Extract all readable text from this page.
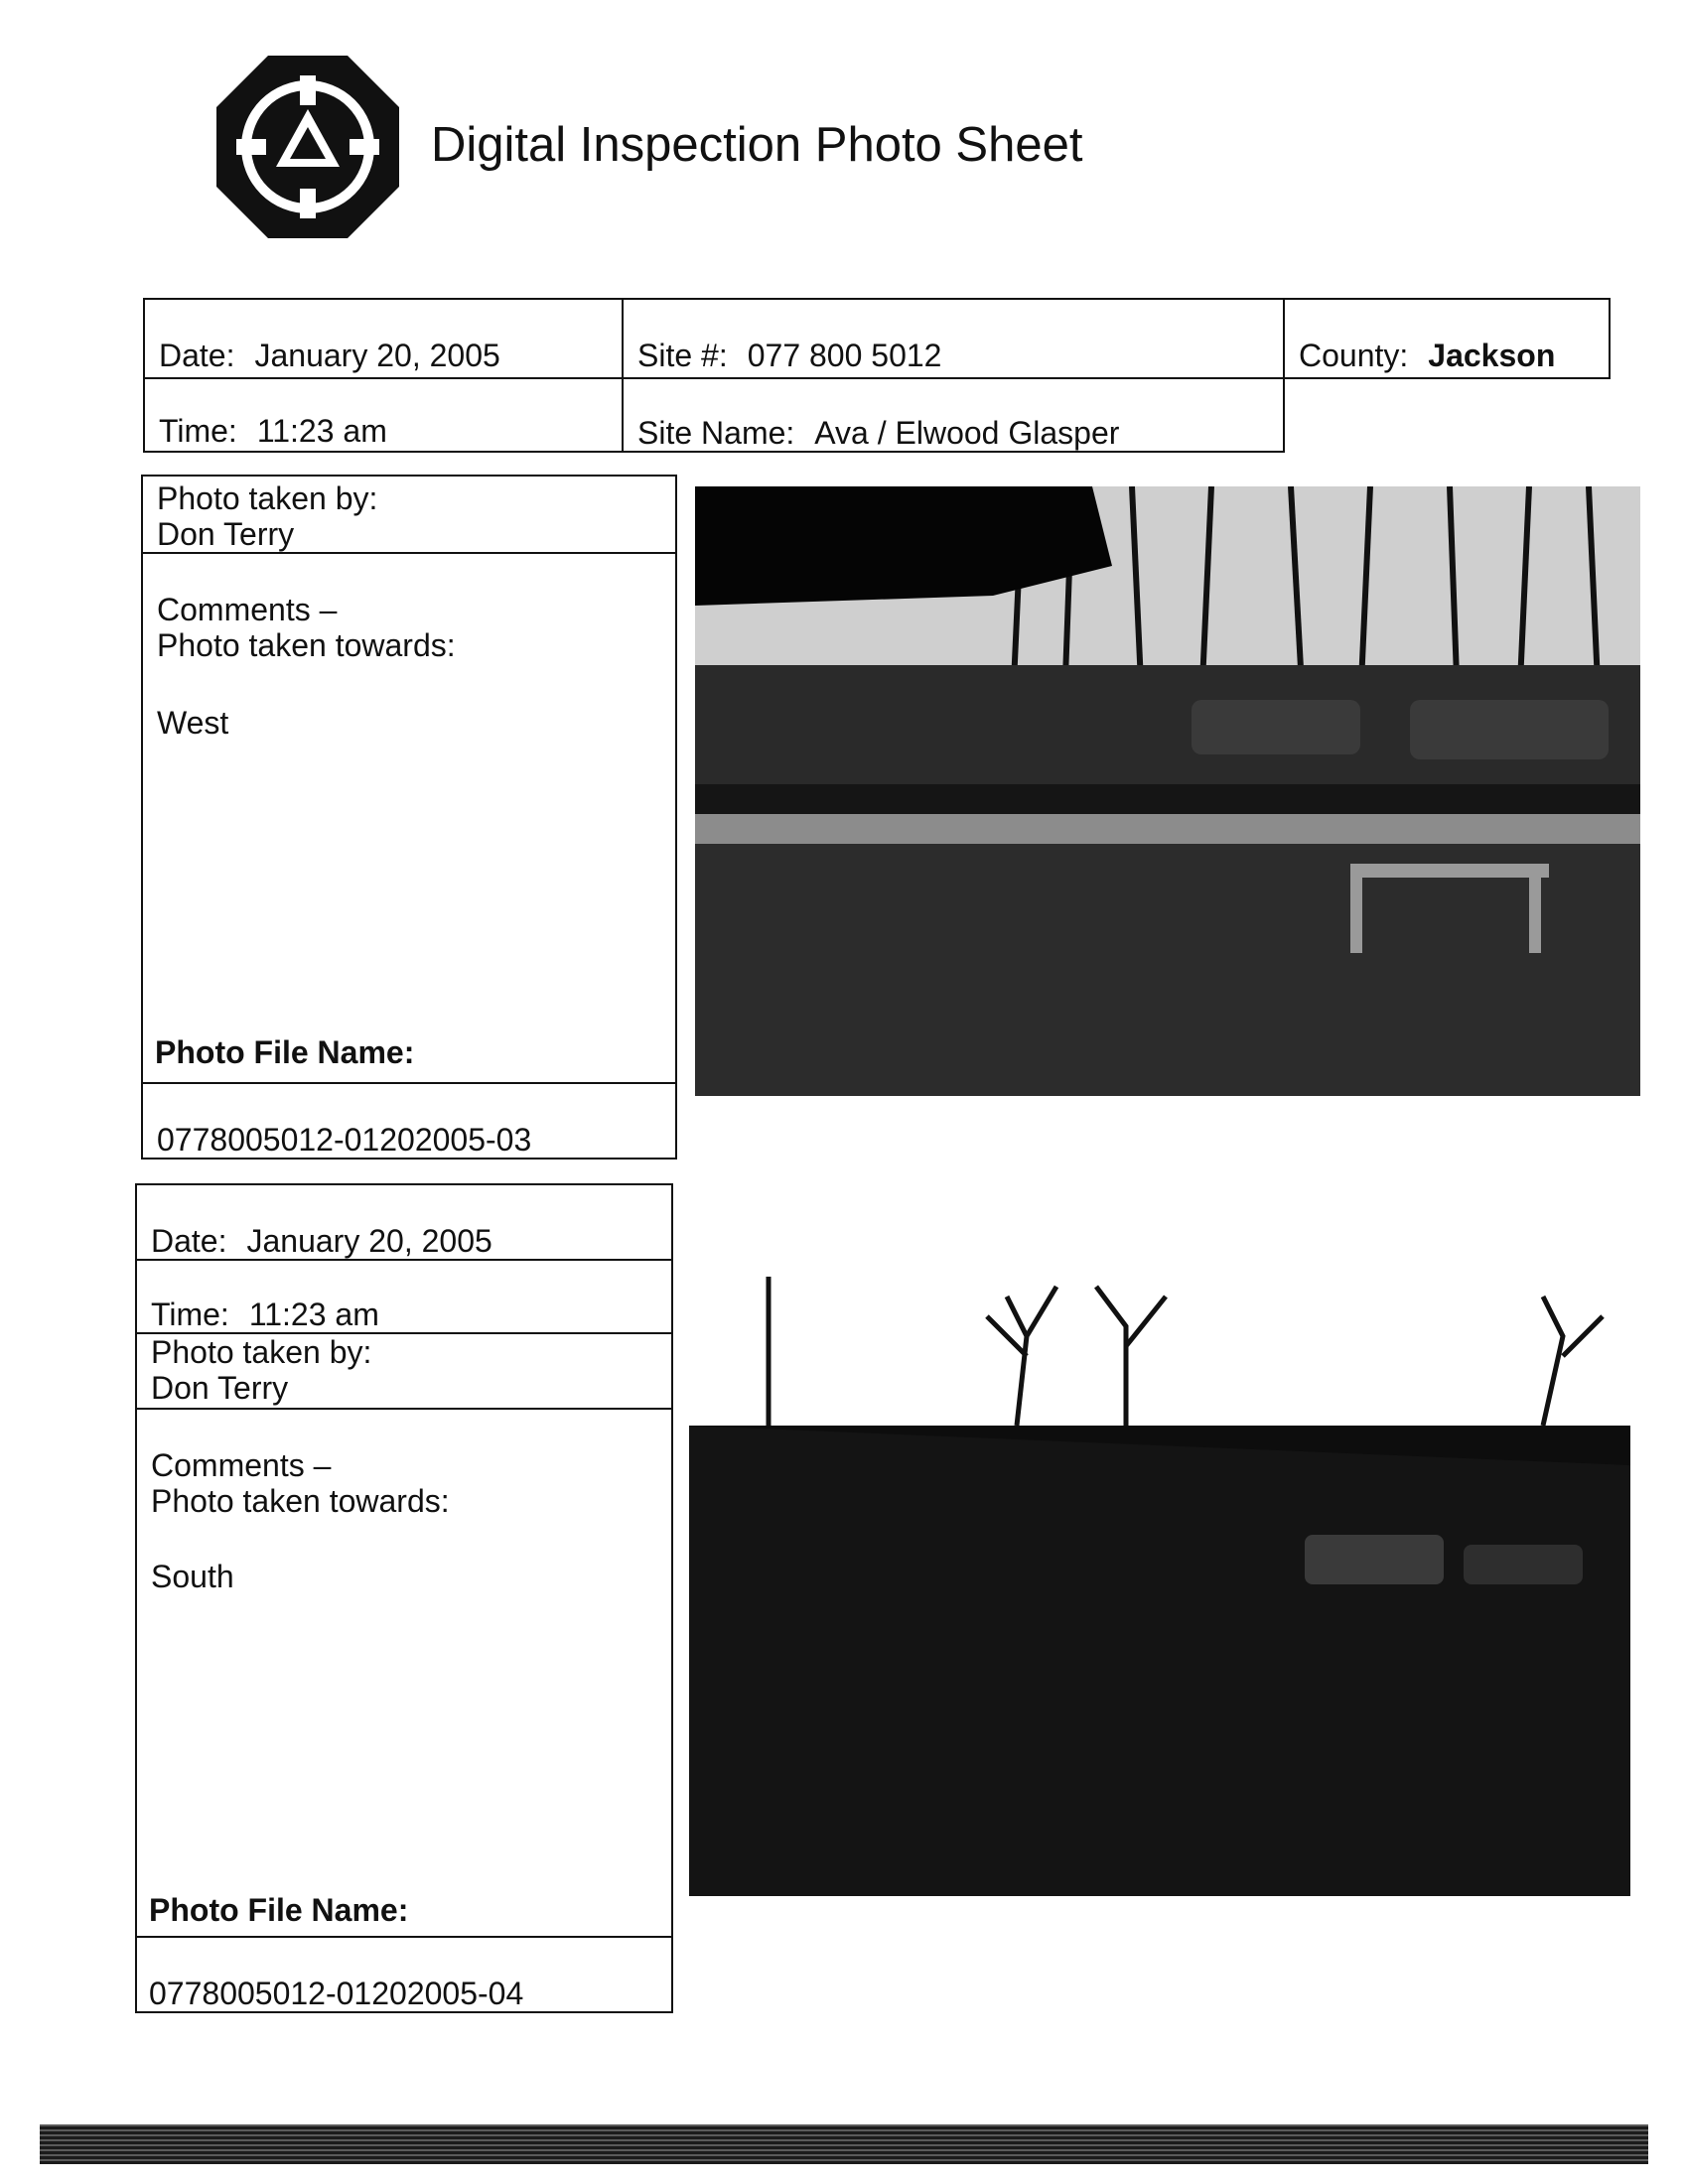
Digital Inspection Photo Sheet
Date: January 20, 2005	Site #: 077 800 5012	County: Jackson
Time: 11:23 am	Site Name: Ava / Elwood Glasper
Photo taken by:
Don Terry
Comments –
Photo taken towards:
West
Photo File Name:
0778005012-01202005-03
Date: January 20, 2005
Time: 11:23 am
Photo taken by:
Don Terry
Comments –
Photo taken towards:
South
Photo File Name:
0778005012-01202005-04
